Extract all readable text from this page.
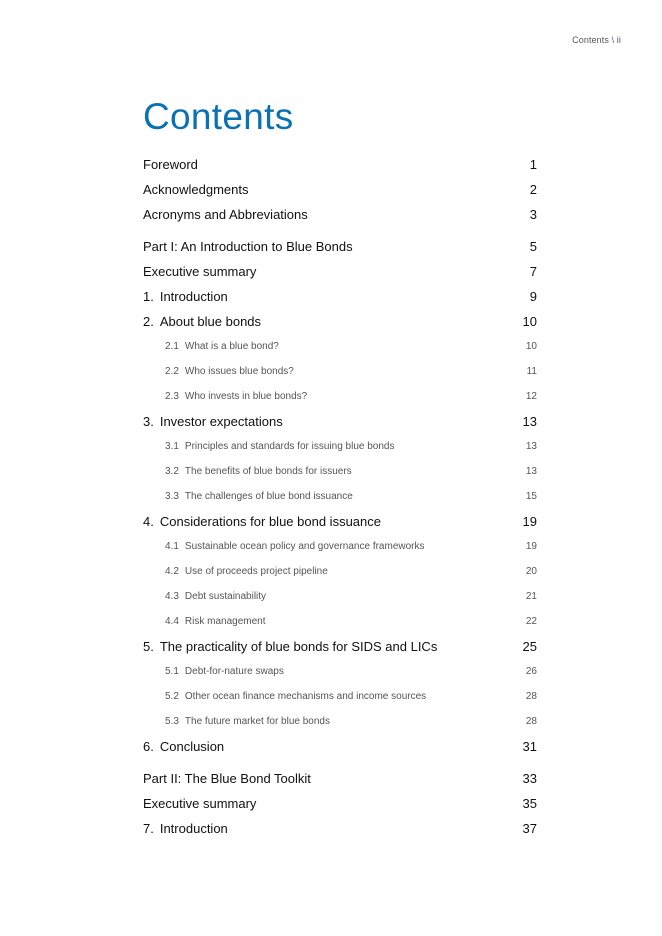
Contents \ ii
Contents
Foreword	1
Acknowledgments	2
Acronyms and Abbreviations	3
Part I: An Introduction to Blue Bonds	5
Executive summary	7
1. Introduction	9
2. About blue bonds	10
2.1 What is a blue bond?	10
2.2 Who issues blue bonds?	11
2.3 Who invests in blue bonds?	12
3. Investor expectations	13
3.1 Principles and standards for issuing blue bonds	13
3.2 The benefits of blue bonds for issuers	13
3.3 The challenges of blue bond issuance	15
4. Considerations for blue bond issuance	19
4.1 Sustainable ocean policy and governance frameworks	19
4.2 Use of proceeds project pipeline	20
4.3 Debt sustainability	21
4.4 Risk management	22
5. The practicality of blue bonds for SIDS and LICs	25
5.1 Debt-for-nature swaps	26
5.2 Other ocean finance mechanisms and income sources	28
5.3 The future market for blue bonds	28
6. Conclusion	31
Part II: The Blue Bond Toolkit	33
Executive summary	35
7. Introduction	37
